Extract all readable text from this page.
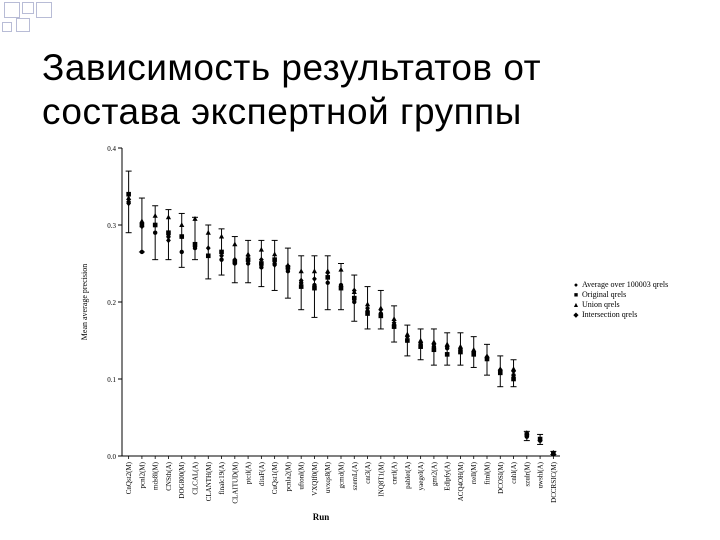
Зависимость результатов от состава экспертной группы
0.0
0.1
0.2
0.3
0.4
Mean average precision
Run
CnQst2(M) pcnl2(M) mds8l(M) CNSth(A) DOG800(M) CLCAL(A) CLANTH(M) finalc19(A) CLAITUD(M) ptctl(A) ditaF(A) CuQst1(M) pcnla2(M) uftonl(M) VXQlf0(M) uvxqs8(M) gcmd(M) szemL(A) cnt3(A) INQ8T1(M) cnrtl(A) pablet(A) yaegeI(A) gmt2(A) Edlpfy(A) ACQ4OH(M) rtell(M) fitnl(M) DCOSI(M) cnhl(A) szulr(M) uwshl(A) DCCRSIC(M)
● Average over 100003 qrels
■ Original qrels
▲ Union qrels
◆ Intersection qrels
